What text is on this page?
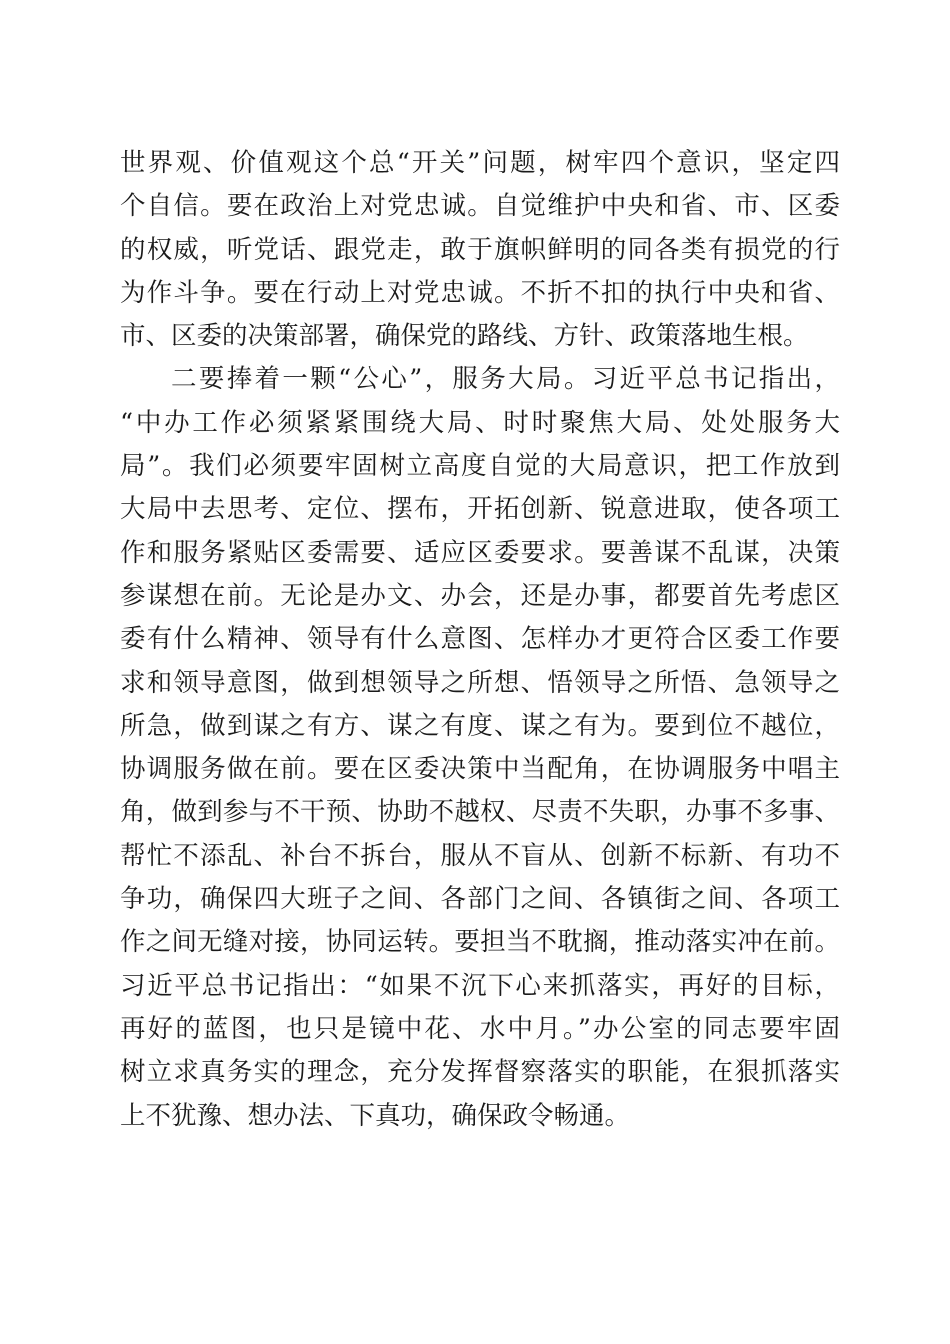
世界观、价值观这个总“开关”问题，树牢四个意识，坚定四
个自信。要在政治上对党忠诚。自觉维护中央和省、市、区委
的权威，听党话、跟党走，敢于旗帜鲜明的同各类有损党的行
为作斗争。要在行动上对党忠诚。不折不扣的执行中央和省、
市、区委的决策部署，确保党的路线、方针、政策落地生根。
二要捧着一颗“公心”，服务大局。习近平总书记指出，
“中办工作必须紧紧围绕大局、时时聚焦大局、处处服务大
局”。我们必须要牢固树立高度自觉的大局意识，把工作放到
大局中去思考、定位、摆布，开拓创新、锐意进取，使各项工
作和服务紧贴区委需要、适应区委要求。要善谋不乱谋，决策
参谋想在前。无论是办文、办会，还是办事，都要首先考虑区
委有什么精神、领导有什么意图、怎样办才更符合区委工作要
求和领导意图，做到想领导之所想、悟领导之所悟、急领导之
所急，做到谋之有方、谋之有度、谋之有为。要到位不越位，
协调服务做在前。要在区委决策中当配角，在协调服务中唱主
角，做到参与不干预、协助不越权、尽责不失职，办事不多事、
帮忙不添乱、补台不拆台，服从不盲从、创新不标新、有功不
争功，确保四大班子之间、各部门之间、各镇街之间、各项工
作之间无缝对接，协同运转。要担当不耽搁，推动落实冲在前。
习近平总书记指出：“如果不沉下心来抓落实，再好的目标，
再好的蓝图，也只是镜中花、水中月。”办公室的同志要牢固
树立求真务实的理念，充分发挥督察落实的职能，在狠抓落实
上不犹豫、想办法、下真功，确保政令畅通。
